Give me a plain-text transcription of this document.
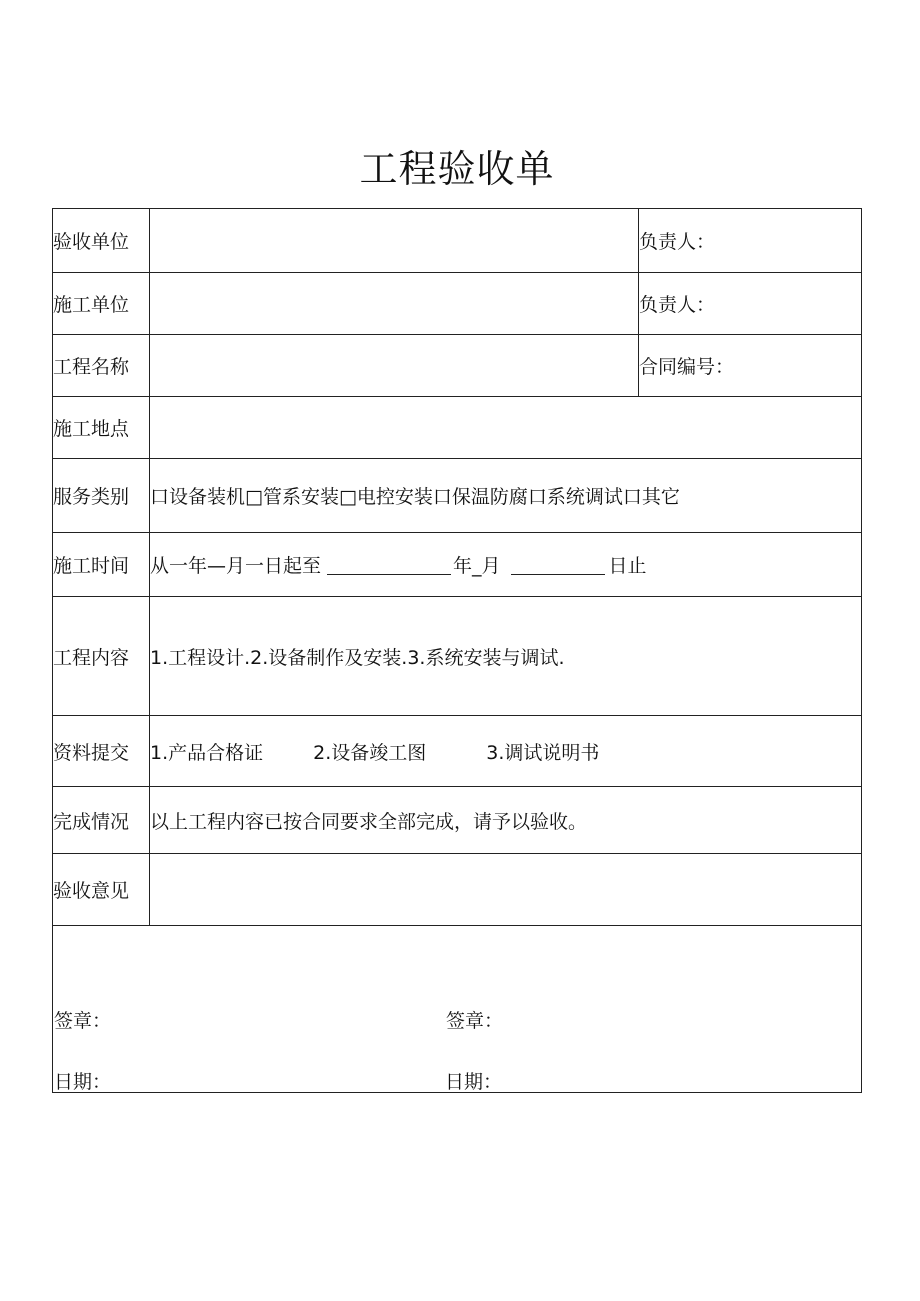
工程验收单
验收单位		负责人：
施工单位		负责人：
工程名称		合同编号：
施工地点		
服务类别	口设备装机□管系安装□电控安装口保温防腐口系统调试口其它	
施工时间	从一年—月一日起至 年_月 日止	
工程内容	1.工程设计.2.设备制作及安装.3.系统安装与调试.	
资料提交	1.产品合格证 2.设备竣工图 3.调试说明书	
完成情况	以上工程内容已按合同要求全部完成，请予以验收。	
验收意见		

签章：
日期：
签章：
日期：		
